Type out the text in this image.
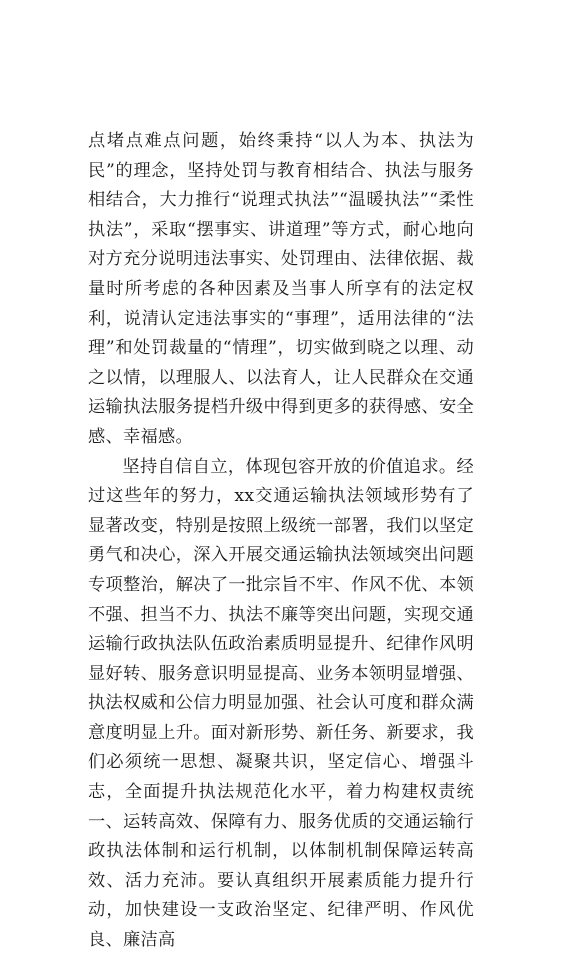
点堵点难点问题，始终秉持“以人为本、执法为民”的理念，坚持处罚与教育相结合、执法与服务相结合，大力推行“说理式执法”“温暖执法”“柔性执法”，采取“摆事实、讲道理”等方式，耐心地向对方充分说明违法事实、处罚理由、法律依据、裁量时所考虑的各种因素及当事人所享有的法定权利，说清认定违法事实的“事理”，适用法律的“法理”和处罚裁量的“情理”，切实做到晓之以理、动之以情，以理服人、以法育人，让人民群众在交通运输执法服务提档升级中得到更多的获得感、安全感、幸福感。

坚持自信自立，体现包容开放的价值追求。经过这些年的努力，xx交通运输执法领域形势有了显著改变，特别是按照上级统一部署，我们以坚定勇气和决心，深入开展交通运输执法领域突出问题专项整治，解决了一批宗旨不牢、作风不优、本领不强、担当不力、执法不廉等突出问题，实现交通运输行政执法队伍政治素质明显提升、纪律作风明显好转、服务意识明显提高、业务本领明显增强、执法权威和公信力明显加强、社会认可度和群众满意度明显上升。面对新形势、新任务、新要求，我们必须统一思想、凝聚共识，坚定信心、增强斗志，全面提升执法规范化水平，着力构建权责统一、运转高效、保障有力、服务优质的交通运输行政执法体制和运行机制，以体制机制保障运转高效、活力充沛。要认真组织开展素质能力提升行动，加快建设一支政治坚定、纪律严明、作风优良、廉洁高
